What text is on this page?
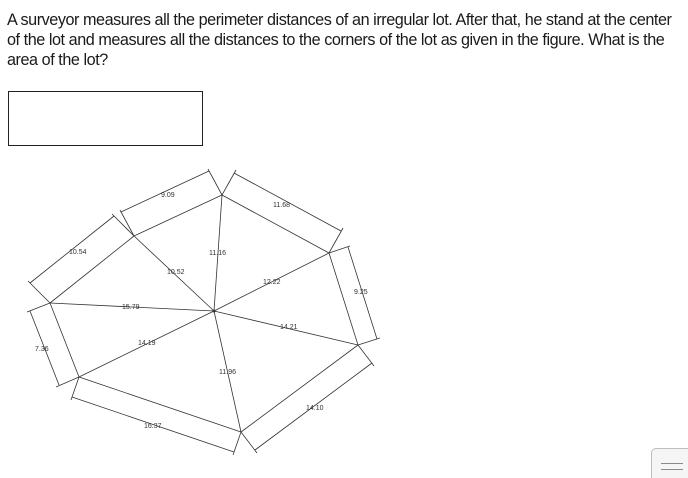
A surveyor measures all the perimeter distances of an irregular lot. After that, he stand at the center of the lot and measures all the distances to the corners of the lot as given in the figure. What is the area of the lot?

9.09
11.68
9.25
14.10
16.37
7.36
10.54
10.52
11.16
12.22
14.21
11.96
14.19
15.79
